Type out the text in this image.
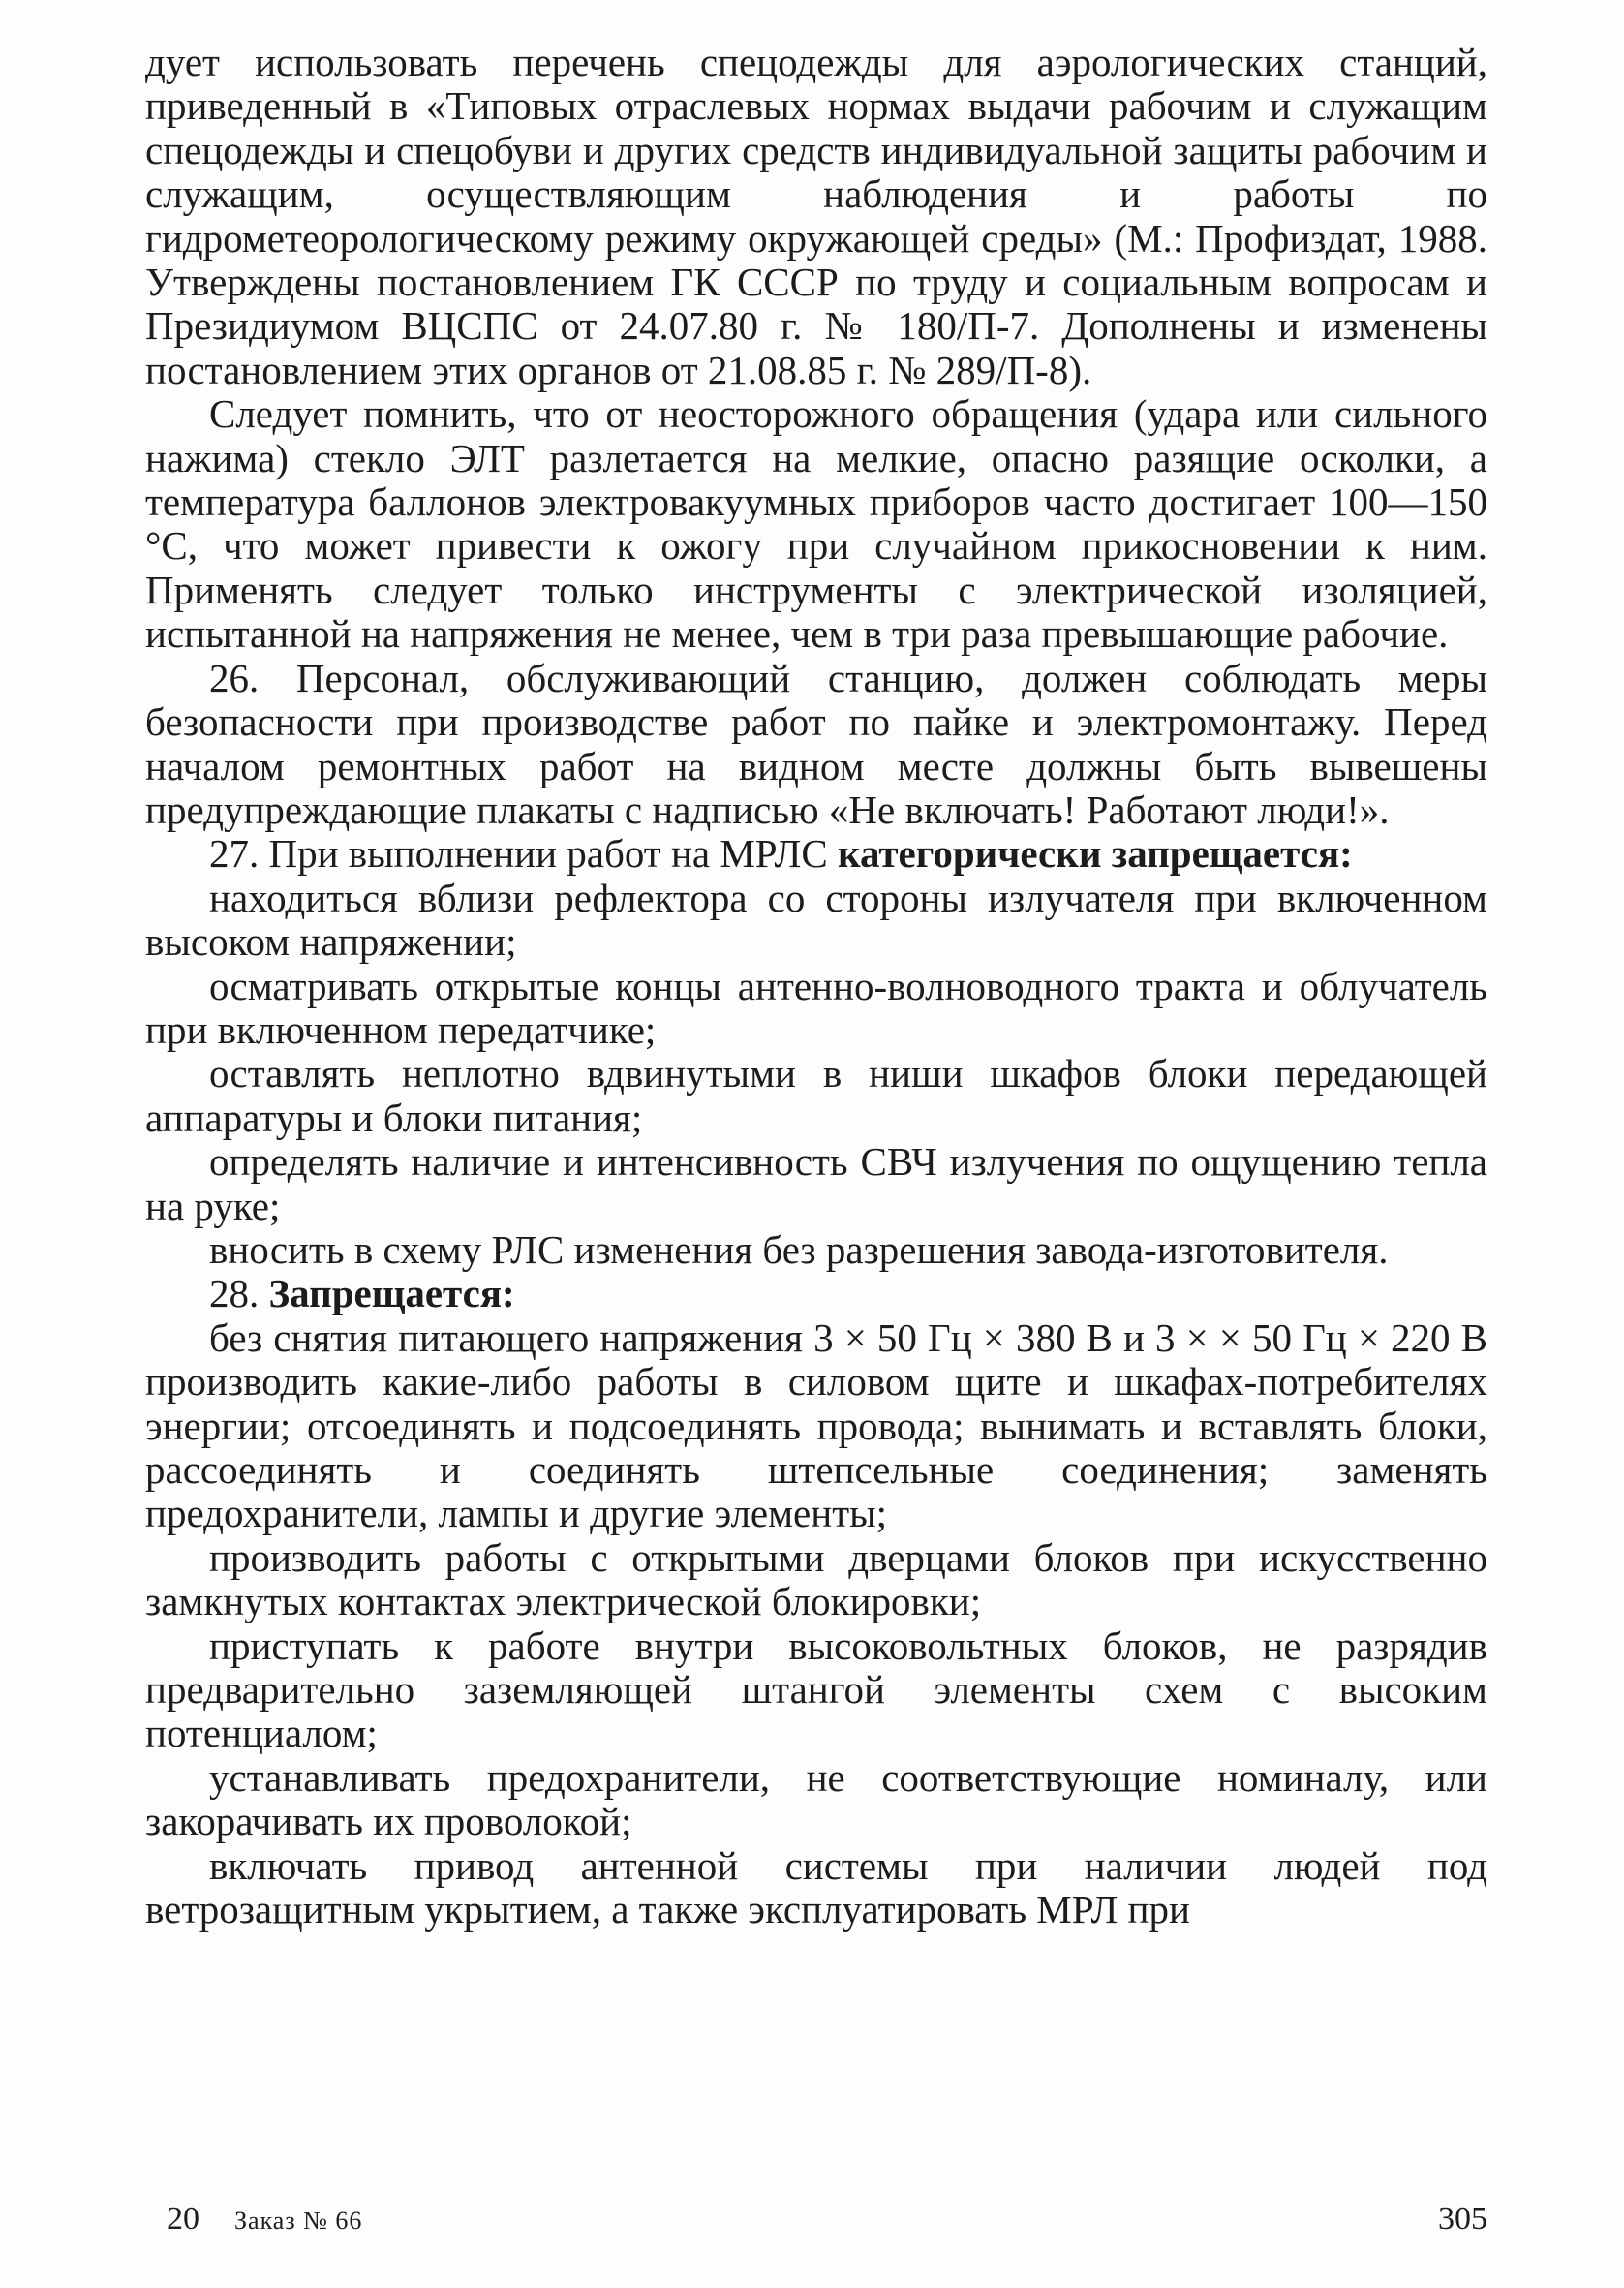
дует использовать перечень спецодежды для аэрологических станций, приведенный в «Типовых отраслевых нормах выдачи рабочим и служащим спецодежды и спецобуви и других средств индивидуальной защиты рабочим и служащим, осуществляющим наблюдения и работы по гидрометеорологическому режиму окружающей среды» (М.: Профиздат, 1988. Утверждены постановлением ГК СССР по труду и социальным вопросам и Президиумом ВЦСПС от 24.07.80 г. № 180/П-7. Дополнены и изменены постановлением этих органов от 21.08.85 г. № 289/П-8).

Следует помнить, что от неосторожного обращения (удара или сильного нажима) стекло ЭЛТ разлетается на мелкие, опасно разящие осколки, а температура баллонов электровакуумных приборов часто достигает 100—150 °С, что может привести к ожогу при случайном прикосновении к ним. Применять следует только инструменты с электрической изоляцией, испытанной на напряжения не менее, чем в три раза превышающие рабочие.

26. Персонал, обслуживающий станцию, должен соблюдать меры безопасности при производстве работ по пайке и электромонтажу. Перед началом ремонтных работ на видном месте должны быть вывешены предупреждающие плакаты с надписью «Не включать! Работают люди!».

27. При выполнении работ на МРЛС категорически запрещается:

находиться вблизи рефлектора со стороны излучателя при включенном высоком напряжении;

осматривать открытые концы антенно-волноводного тракта и облучатель при включенном передатчике;

оставлять неплотно вдвинутыми в ниши шкафов блоки передающей аппаратуры и блоки питания;

определять наличие и интенсивность СВЧ излучения по ощущению тепла на руке;

вносить в схему РЛС изменения без разрешения завода-изготовителя.

28. Запрещается:

без снятия питающего напряжения 3 × 50 Гц × 380 В и 3 × × 50 Гц × 220 В производить какие-либо работы в силовом щите и шкафах-потребителях энергии; отсоединять и подсоединять провода; вынимать и вставлять блоки, рассоединять и соединять штепсельные соединения; заменять предохранители, лампы и другие элементы;

производить работы с открытыми дверцами блоков при искусственно замкнутых контактах электрической блокировки;

приступать к работе внутри высоковольтных блоков, не разрядив предварительно заземляющей штангой элементы схем с высоким потенциалом;

устанавливать предохранители, не соответствующие номиналу, или закорачивать их проволокой;

включать привод антенной системы при наличии людей под ветрозащитным укрытием, а также эксплуатировать МРЛ при

20 Заказ № 66	305
